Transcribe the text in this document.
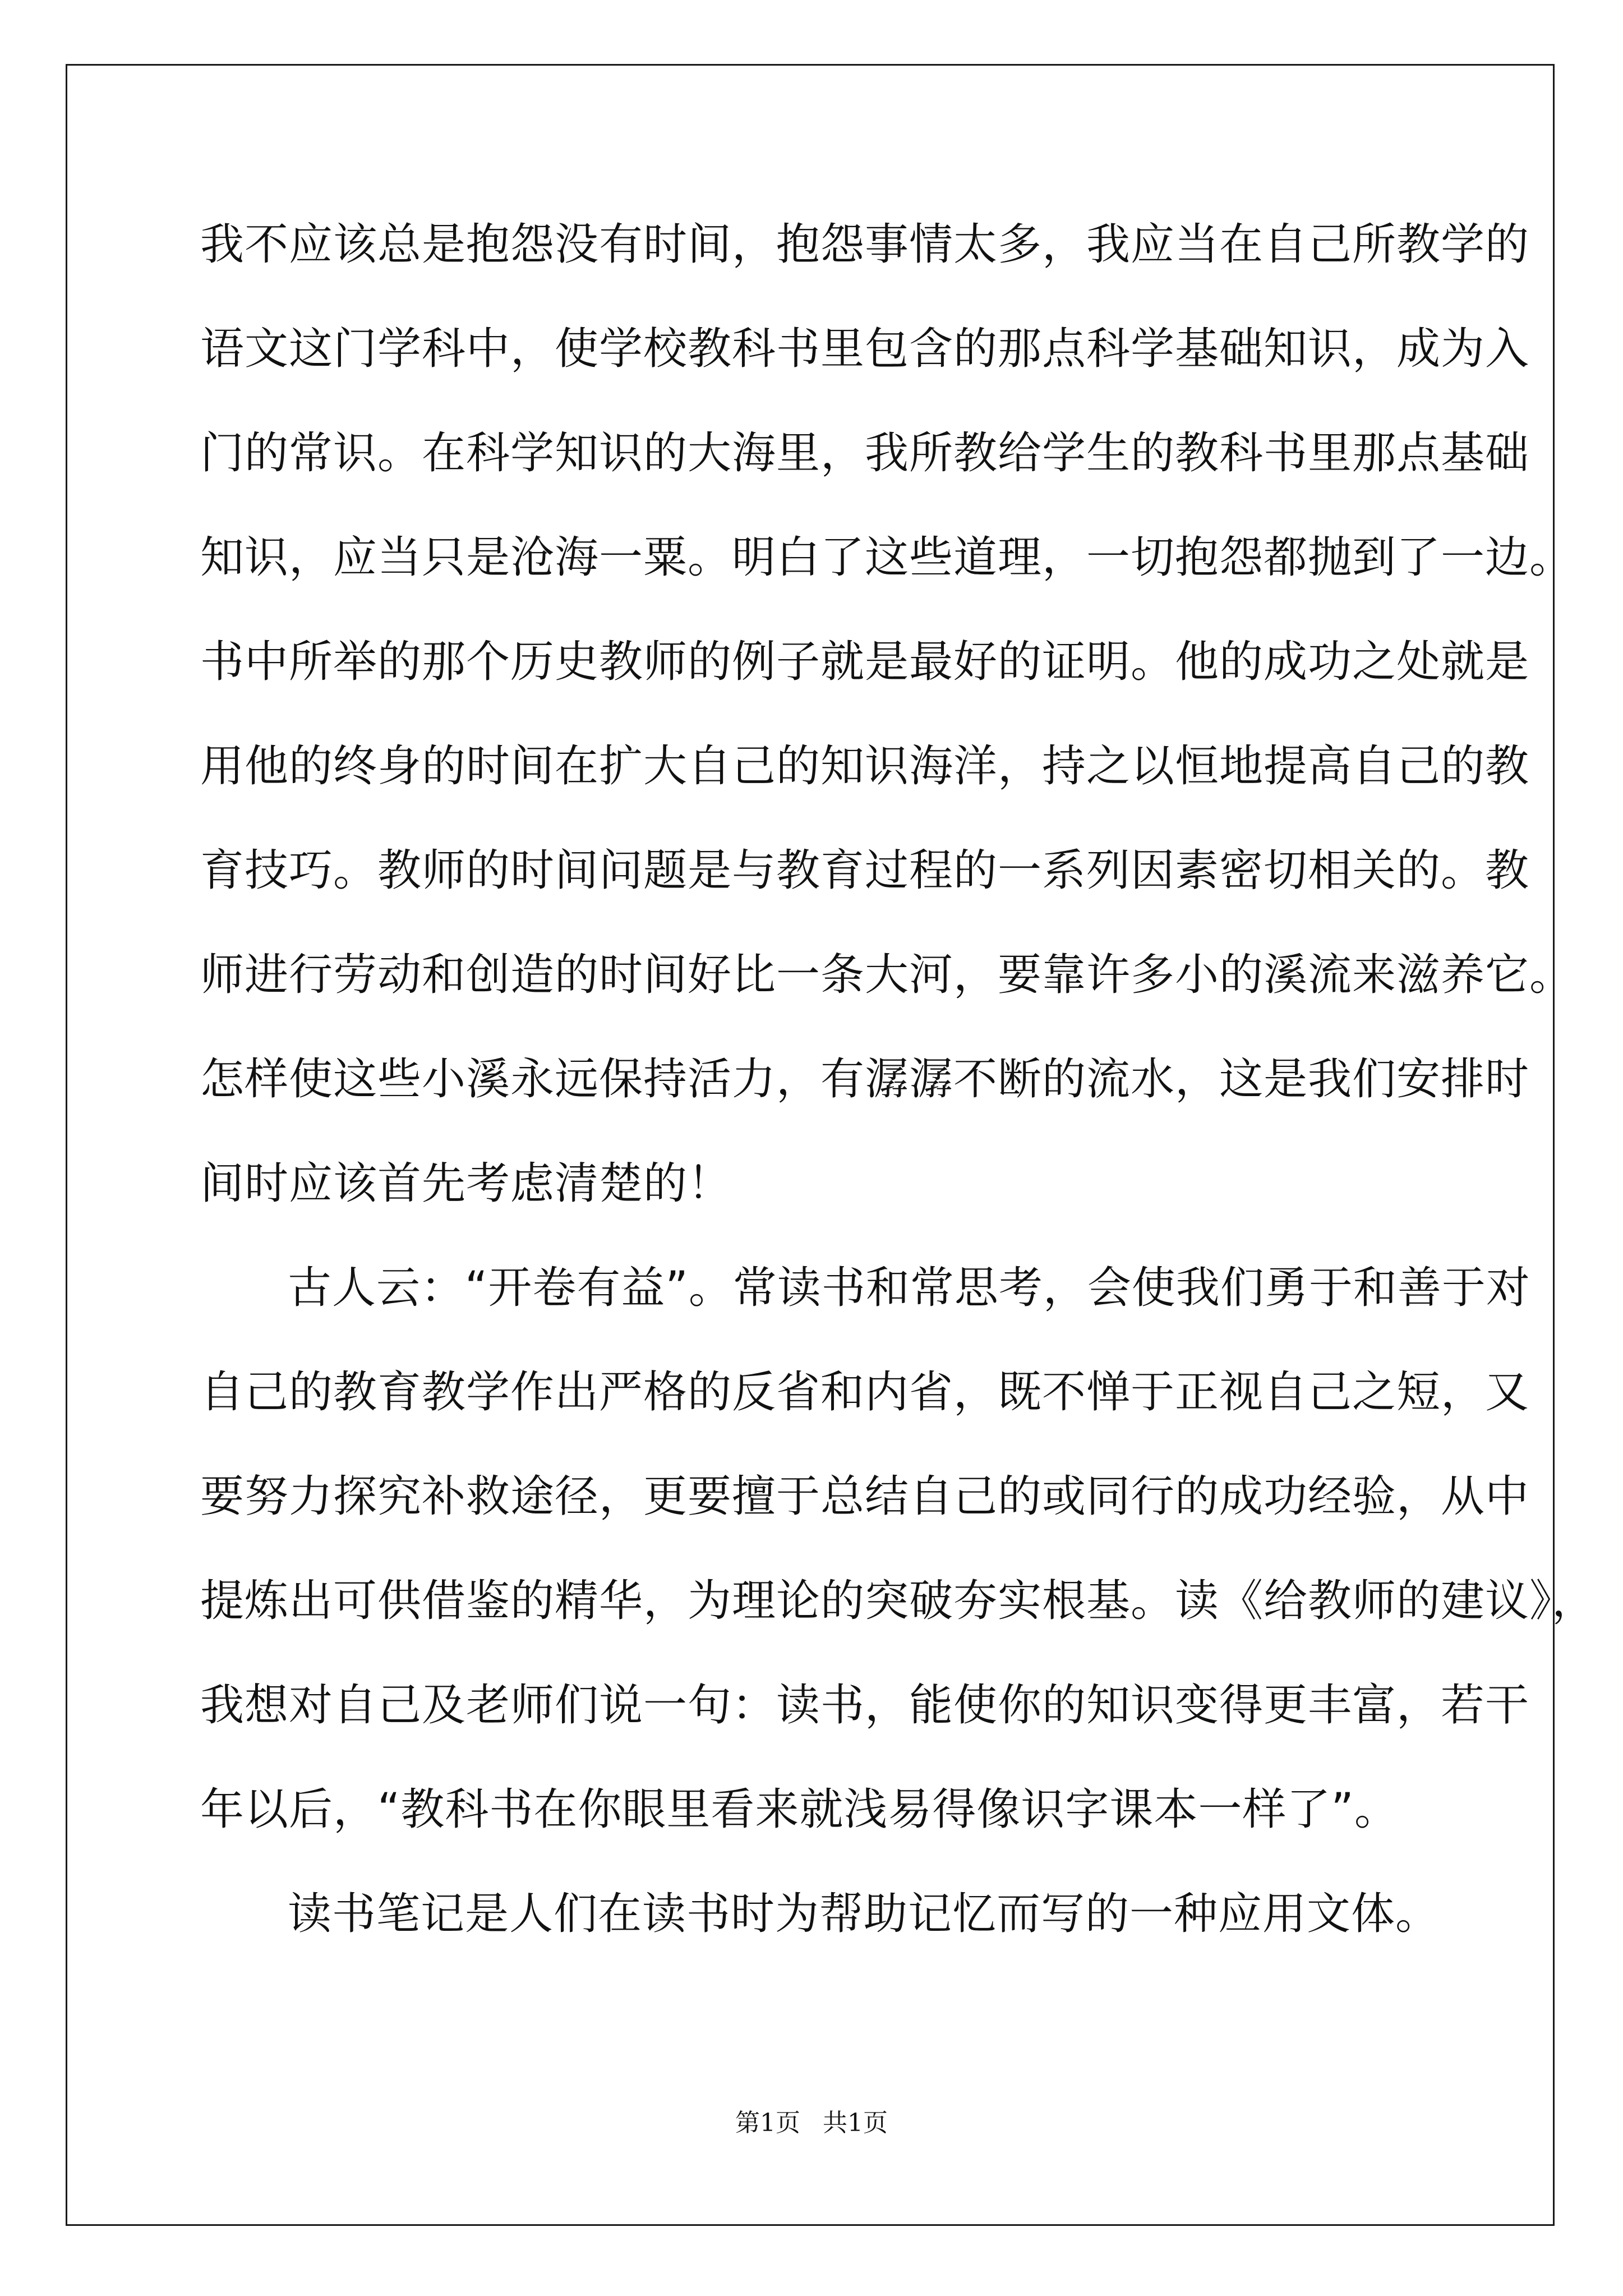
我不应该总是抱怨没有时间，抱怨事情太多，我应当在自己所教学的
语文这门学科中，使学校教科书里包含的那点科学基础知识，成为入
门的常识。在科学知识的大海里，我所教给学生的教科书里那点基础
知识，应当只是沧海一粟。明白了这些道理，一切抱怨都抛到了一边。
书中所举的那个历史教师的例子就是最好的证明。他的成功之处就是
用他的终身的时间在扩大自己的知识海洋，持之以恒地提高自己的教
育技巧。教师的时间问题是与教育过程的一系列因素密切相关的。教
师进行劳动和创造的时间好比一条大河，要靠许多小的溪流来滋养它。
怎样使这些小溪永远保持活力，有潺潺不断的流水，这是我们安排时
间时应该首先考虑清楚的！
古人云：“开卷有益”。常读书和常思考，会使我们勇于和善于对
自己的教育教学作出严格的反省和内省，既不惮于正视自己之短，又
要努力探究补救途径，更要擅于总结自己的或同行的成功经验，从中
提炼出可供借鉴的精华，为理论的突破夯实根基。读《给教师的建议》，
我想对自己及老师们说一句：读书，能使你的知识变得更丰富，若干
年以后，“教科书在你眼里看来就浅易得像识字课本一样了”。
读书笔记是人们在读书时为帮助记忆而写的一种应用文体。
第1页 共1页
